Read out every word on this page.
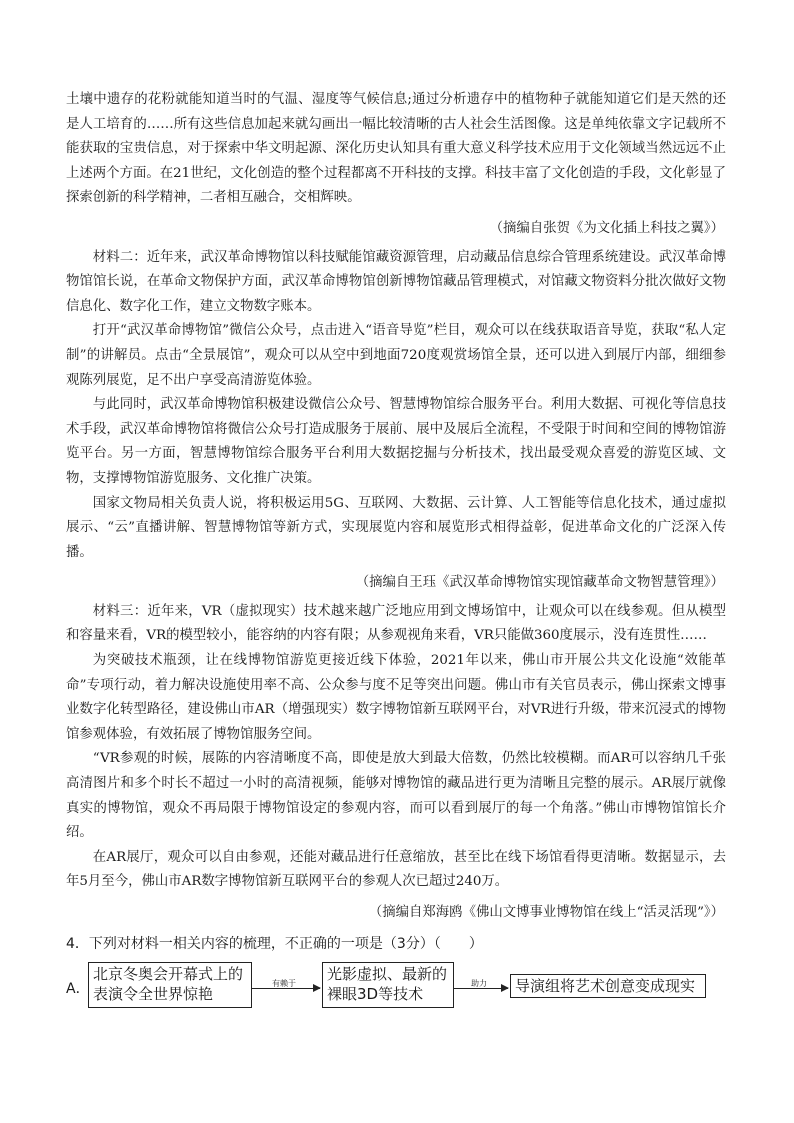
土壤中遗存的花粉就能知道当时的气温、湿度等气候信息;通过分析遗存中的植物种子就能知道它们是天然的还是人工培育的……所有这些信息加起来就勾画出一幅比较清晰的古人社会生活图像。这是单纯依靠文字记载所不能获取的宝贵信息，对于探索中华文明起源、深化历史认知具有重大意义科学技术应用于文化领域当然远远不止上述两个方面。在21世纪，文化创造的整个过程都离不开科技的支撑。科技丰富了文化创造的手段，文化彰显了探索创新的科学精神，二者相互融合，交相辉映。

（摘编自张贺《为文化插上科技之翼》）

材料二：近年来，武汉革命博物馆以科技赋能馆藏资源管理，启动藏品信息综合管理系统建设。武汉革命博物馆馆长说，在革命文物保护方面，武汉革命博物馆创新博物馆藏品管理模式，对馆藏文物资料分批次做好文物信息化、数字化工作，建立文物数字账本。

打开“武汉革命博物馆”微信公众号，点击进入“语音导览”栏目，观众可以在线获取语音导览，获取“私人定制”的讲解员。点击“全景展馆”，观众可以从空中到地面720度观赏场馆全景，还可以进入到展厅内部，细细参观陈列展览，足不出户享受高清游览体验。

与此同时，武汉革命博物馆积极建设微信公众号、智慧博物馆综合服务平台。利用大数据、可视化等信息技术手段，武汉革命博物馆将微信公众号打造成服务于展前、展中及展后全流程，不受限于时间和空间的博物馆游览平台。另一方面，智慧博物馆综合服务平台利用大数据挖掘与分析技术，找出最受观众喜爱的游览区域、文物，支撑博物馆游览服务、文化推广决策。

国家文物局相关负责人说，将积极运用5G、互联网、大数据、云计算、人工智能等信息化技术，通过虚拟展示、“云”直播讲解、智慧博物馆等新方式，实现展览内容和展览形式相得益彰，促进革命文化的广泛深入传播。

（摘编自王珏《武汉革命博物馆实现馆藏革命文物智慧管理》）

材料三：近年来，VR（虚拟现实）技术越来越广泛地应用到文博场馆中，让观众可以在线参观。但从模型和容量来看，VR的模型较小，能容纳的内容有限；从参观视角来看，VR只能做360度展示，没有连贯性……

为突破技术瓶颈，让在线博物馆游览更接近线下体验，2021年以来，佛山市开展公共文化设施“效能革命”专项行动，着力解决设施使用率不高、公众参与度不足等突出问题。佛山市有关官员表示，佛山探索文博事业数字化转型路径，建设佛山市AR（增强现实）数字博物馆新互联网平台，对VR进行升级，带来沉浸式的博物馆参观体验，有效拓展了博物馆服务空间。

“VR参观的时候，展陈的内容清晰度不高，即使是放大到最大倍数，仍然比较模糊。而AR可以容纳几千张高清图片和多个时长不超过一小时的高清视频，能够对博物馆的藏品进行更为清晰且完整的展示。AR展厅就像真实的博物馆，观众不再局限于博物馆设定的参观内容，而可以看到展厅的每一个角落。”佛山市博物馆馆长介绍。

在AR展厅，观众可以自由参观，还能对藏品进行任意缩放，甚至比在线下场馆看得更清晰。数据显示，去年5月至今，佛山市AR数字博物馆新互联网平台的参观人次已超过240万。

（摘编自郑海鸥《佛山文博事业博物馆在线上“活灵活现”》）

4．下列对材料一相关内容的梳理，不正确的一项是（3分）（　　）

A．
北京冬奥会开幕式上的表演令全世界惊艳
有赖于
光影虚拟、最新的裸眼3D等技术
助力	导演组将艺术创意变成现实
